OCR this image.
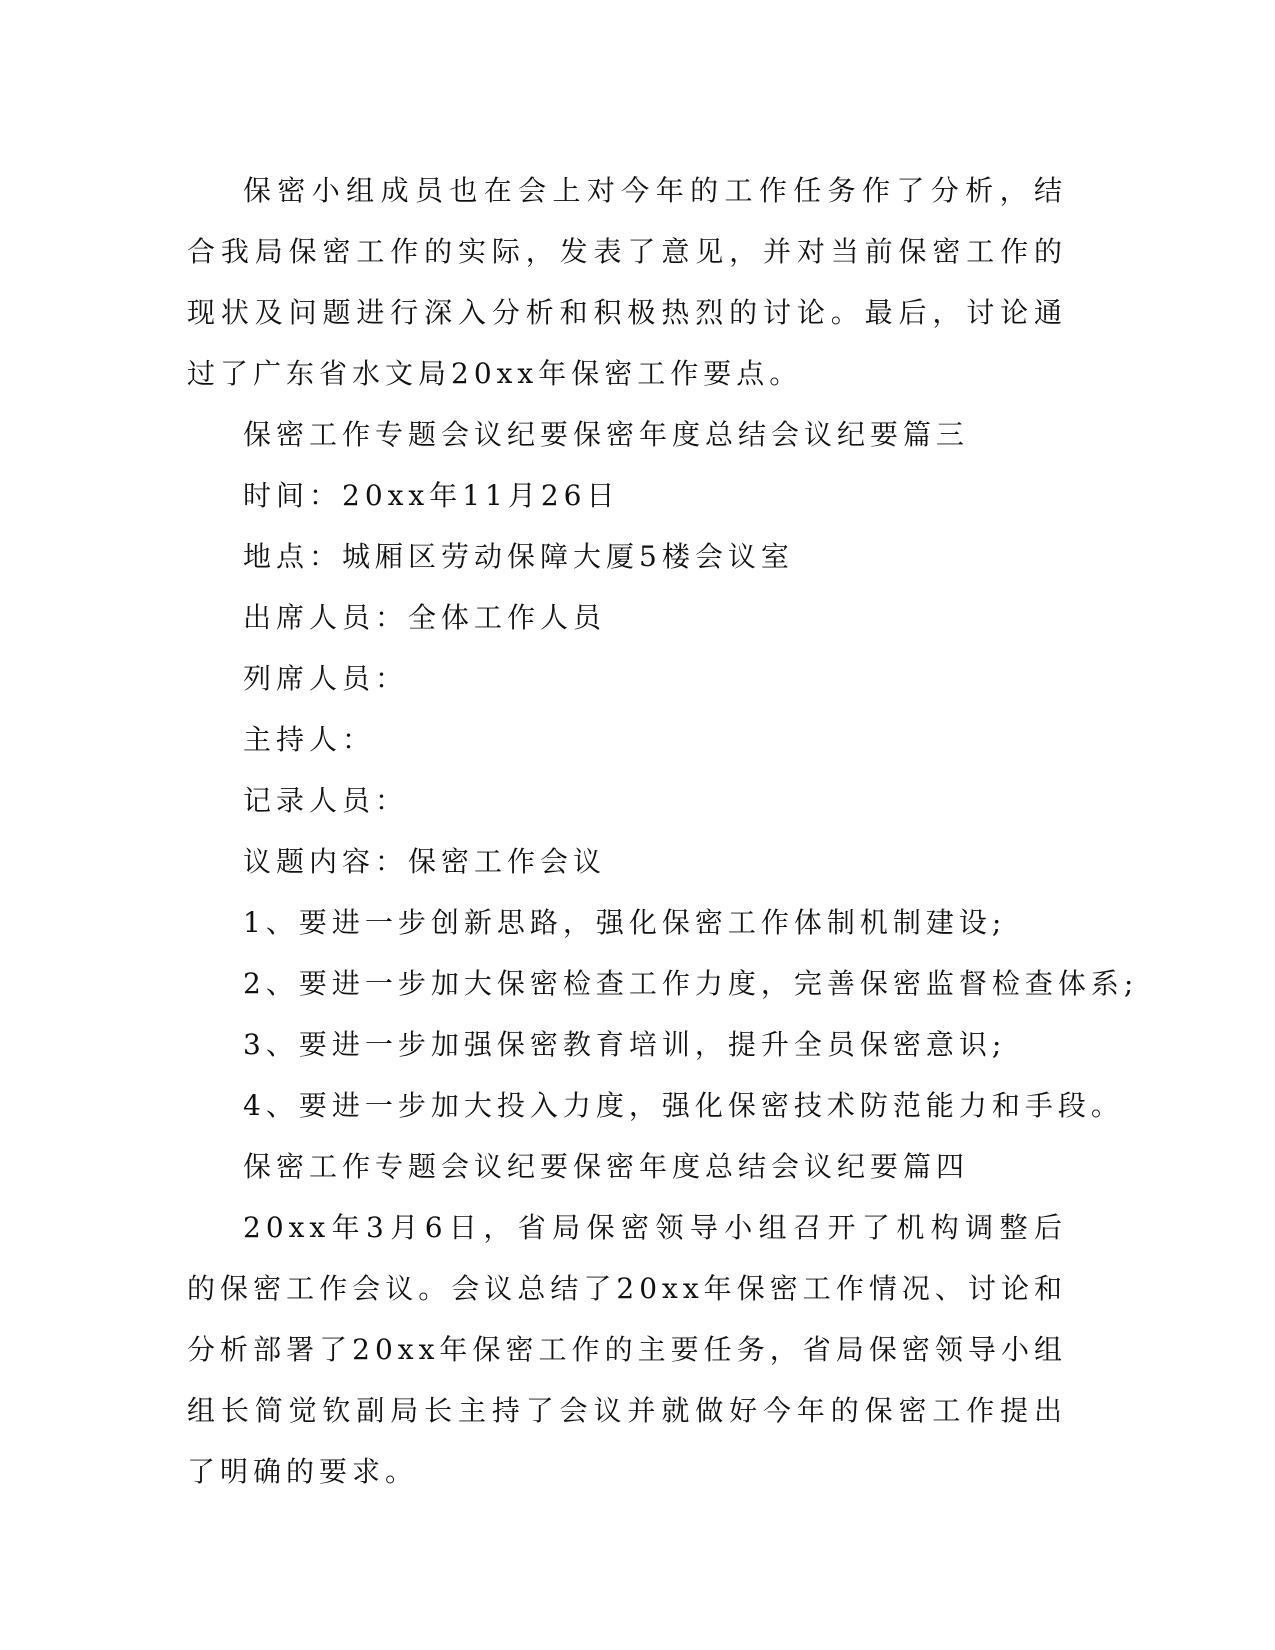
保密小组成员也在会上对今年的工作任务作了分析，结合我局保密工作的实际，发表了意见，并对当前保密工作的现状及问题进行深入分析和积极热烈的讨论。最后，讨论通过了广东省水文局20xx年保密工作要点。

保密工作专题会议纪要保密年度总结会议纪要篇三

时间：20xx年11月26日

地点：城厢区劳动保障大厦5楼会议室

出席人员：全体工作人员

列席人员：

主持人：

记录人员：

议题内容：保密工作会议

1、要进一步创新思路，强化保密工作体制机制建设;

2、要进一步加大保密检查工作力度，完善保密监督检查体系;

3、要进一步加强保密教育培训，提升全员保密意识;

4、要进一步加大投入力度，强化保密技术防范能力和手段。

保密工作专题会议纪要保密年度总结会议纪要篇四

20xx年3月6日，省局保密领导小组召开了机构调整后的保密工作会议。会议总结了20xx年保密工作情况、讨论和分析部署了20xx年保密工作的主要任务，省局保密领导小组组长简觉钦副局长主持了会议并就做好今年的保密工作提出了明确的要求。
